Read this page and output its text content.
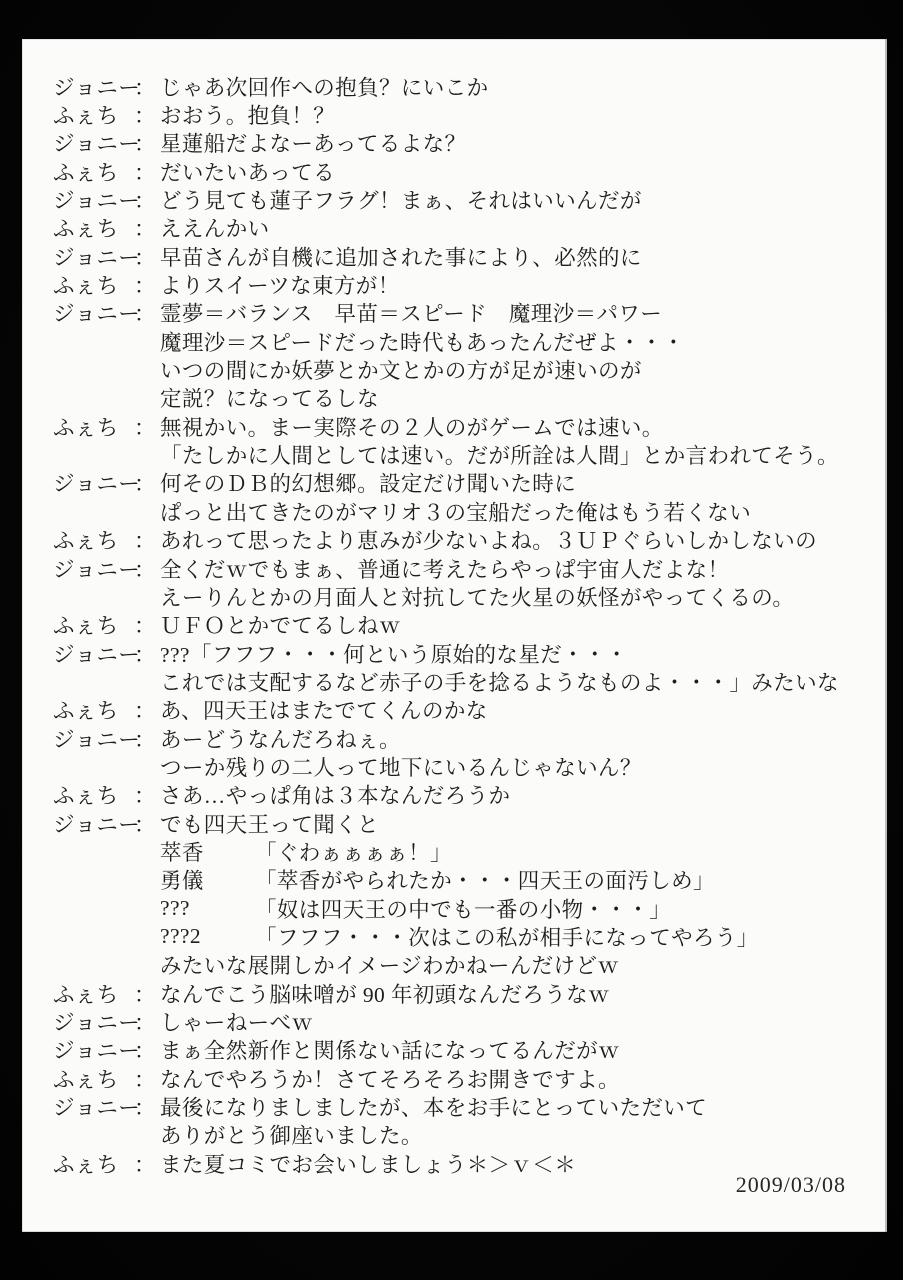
ジョニー
： じゃあ次回作への抱負？にいこか
ふぇち ： おおう。抱負！？
ジョニー
： 星蓮船だよなーあってるよな？
ふぇち ： だいたいあってる
ジョニー
： どう見ても蓮子フラグ！まぁ、それはいいんだが
ふぇち ： ええんかい
ジョニー
： 早苗さんが自機に追加された事により、必然的に
ふぇち ： よりスイーツな東方が！
ジョニー
： 霊夢＝バランス　早苗＝スピード　魔理沙＝パワー
魔理沙＝スピードだった時代もあったんだぜよ・・・
いつの間にか妖夢とか文とかの方が足が速いのが
定説？になってるしな
ふぇち ： 無視かい。まー実際その２人のがゲームでは速い。
「たしかに人間としては速い。だが所詮は人間」とか言われてそう。
ジョニー
： 何そのＤＢ的幻想郷。設定だけ聞いた時に
ぱっと出てきたのがマリオ３の宝船だった俺はもう若くない
ふぇち ： あれって思ったより恵みが少ないよね。３ＵＰぐらいしかしないの
ジョニー
： 全くだｗでもまぁ、普通に考えたらやっぱ宇宙人だよな！
えーりんとかの月面人と対抗してた火星の妖怪がやってくるの。
ふぇち ： ＵＦＯとかでてるしねｗ
ジョニー
： ???「フフフ・・・何という原始的な星だ・・・
これでは支配するなど赤子の手を捻るようなものよ・・・」みたいな
ふぇち ： あ、四天王はまたでてくんのかな
ジョニー
： あーどうなんだろねぇ。
つーか残りの二人って地下にいるんじゃないん？
ふぇち ： さあ…やっぱ角は３本なんだろうか
ジョニー
： でも四天王って聞くと
萃香	「ぐわぁぁぁぁ！」
勇儀	「萃香がやられたか・・・四天王の面汚しめ」
???	「奴は四天王の中でも一番の小物・・・」
???2	「フフフ・・・次はこの私が相手になってやろう」
みたいな展開しかイメージわかねーんだけどｗ
ふぇち ： なんでこう脳味噌が 90 年初頭なんだろうなｗ
ジョニー
： しゃーねーべｗ
ジョニー
： まぁ全然新作と関係ない話になってるんだがｗ
ふぇち ： なんでやろうか！さてそろそろお開きですよ。
ジョニー
： 最後になりましましたが、本をお手にとっていただいて
ありがとう御座いました。
ふぇち ： また夏コミでお会いしましょう＊＞ｖ＜＊
2009/03/08
